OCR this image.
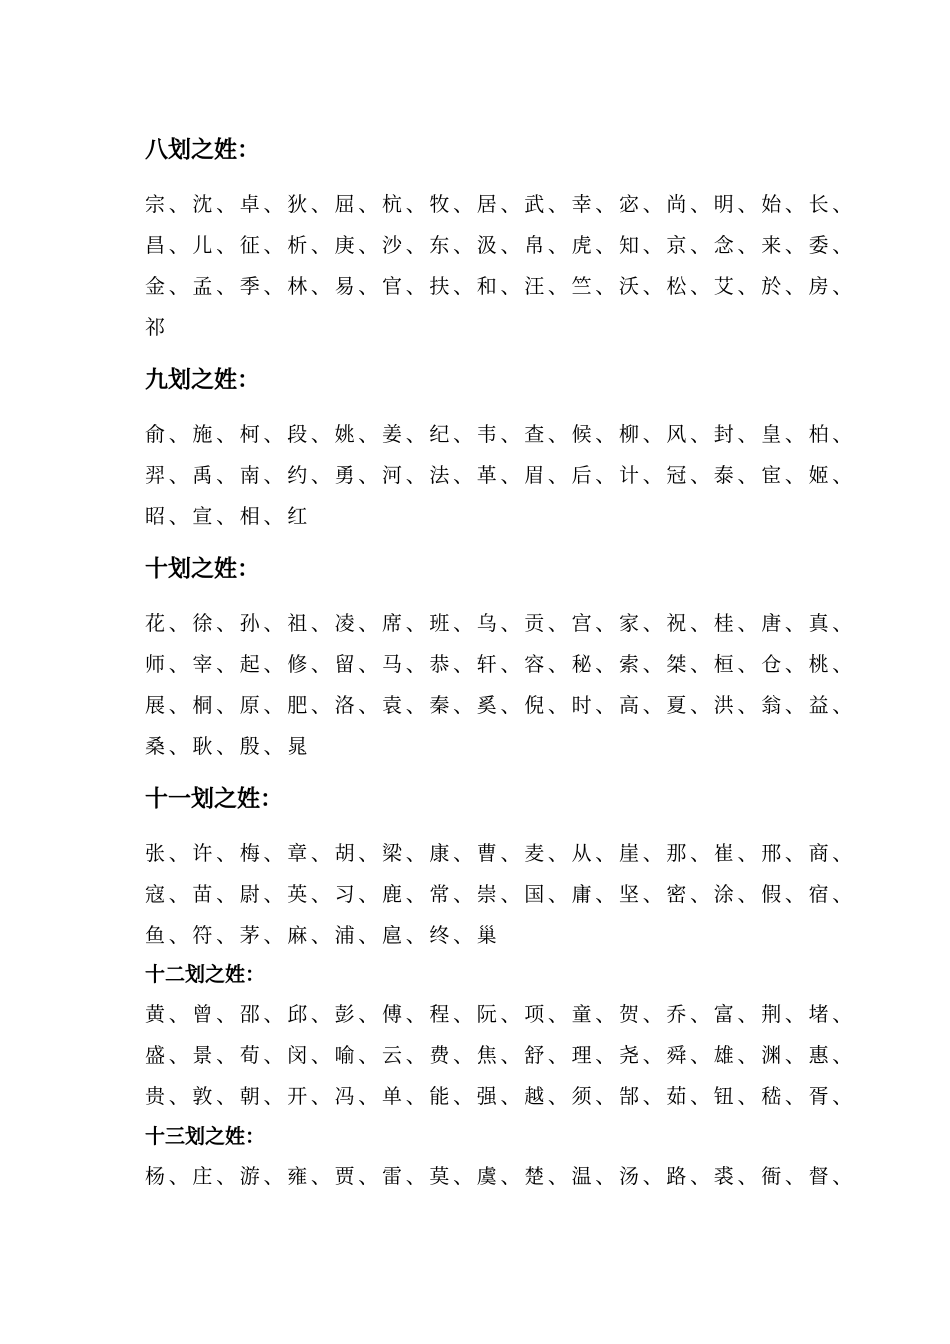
八划之姓：

宗、沈、卓、狄、屈、杭、牧、居、武、幸、宓、尚、明、始、长、

昌、儿、征、析、庚、沙、东、汲、帛、虎、知、京、念、来、委、

金、孟、季、林、易、官、扶、和、汪、竺、沃、松、艾、於、房、

祁

九划之姓：

俞、施、柯、段、姚、姜、纪、韦、查、候、柳、风、封、皇、柏、

羿、禹、南、约、勇、河、法、革、眉、后、计、冠、泰、宦、姬、

昭、宣、相、红

十划之姓：

花、徐、孙、祖、凌、席、班、乌、贡、宫、家、祝、桂、唐、真、

师、宰、起、修、留、马、恭、轩、容、秘、索、桀、桓、仓、桃、

展、桐、原、肥、洛、袁、秦、奚、倪、时、高、夏、洪、翁、益、

桑、耿、殷、晁

十一划之姓：

张、许、梅、章、胡、梁、康、曹、麦、从、崖、那、崔、邢、商、

寇、苗、尉、英、习、鹿、常、崇、国、庸、坚、密、涂、假、宿、

鱼、符、茅、麻、浦、扈、终、巢

十二划之姓：

黄、曾、邵、邱、彭、傅、程、阮、项、童、贺、乔、富、荆、堵、

盛、景、荀、闵、喻、云、费、焦、舒、理、尧、舜、雄、渊、惠、

贵、敦、朝、开、冯、单、能、强、越、须、郜、茹、钮、嵇、胥、

十三划之姓：

杨、庄、游、雍、贾、雷、莫、虞、楚、温、汤、路、裘、衙、督、
